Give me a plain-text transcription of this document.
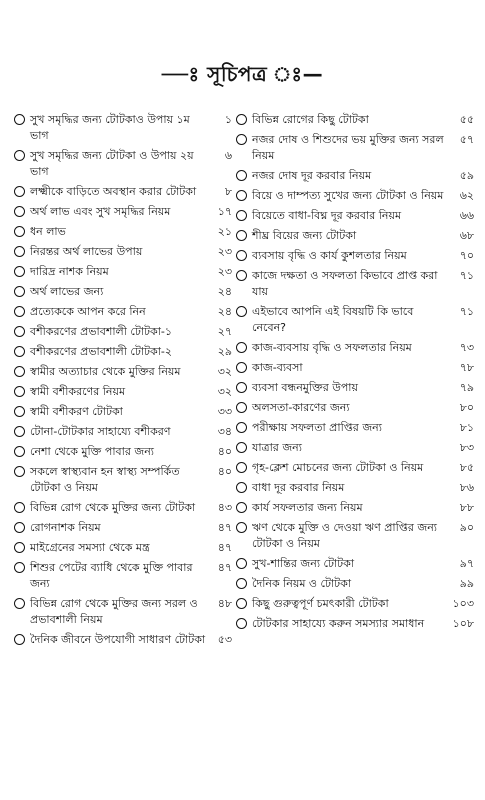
—ঃ সূচিপত্র ঃ—
সুখ সমৃদ্ধির জন্য টোটকাও উপায় ১ম ভাগ
১
সুখ সমৃদ্ধির জন্য টোটকা ও উপায় ২য় ভাগ
৬
লক্ষ্মীকে বাড়িতে অবস্থান করার টোটকা	৮
অর্থ লাভ এবং সুখ সমৃদ্ধির নিয়ম	১৭
ধন লাভ	২১
নিরন্তর অর্থ লাভের উপায়	২৩
দারিদ্র নাশক নিয়ম	২৩
অর্থ লাভের জন্য	২৪
প্রত্যেককে আপন করে নিন	২৪
বশীকরণের প্রভাবশালী টোটকা-১	২৭
বশীকরণের প্রভাবশালী টোটকা-২	২৯
স্বামীর অত্যাচার থেকে মুক্তির নিয়ম	৩২
স্বামী বশীকরণের নিয়ম	৩২
স্বামী বশীকরণ টোটকা	৩৩
টোনা-টোটকার সাহায্যে বশীকরণ	৩৪
নেশা থেকে মুক্তি পাবার জন্য	৪০
সকলে স্বাস্থ্যবান হন স্বাস্থ্য সম্পর্কিত টোটকা ও নিয়ম
৪০
বিভিন্ন রোগ থেকে মুক্তির জন্য টোটকা	৪৩
রোগনাশক নিয়ম	৪৭
মাইগ্রেনের সমস্যা থেকে মন্ত্র	৪৭
শিশুর পেটের ব্যাধি থেকে মুক্তি পাবার জন্য
৪৭
বিভিন্ন রোগ থেকে মুক্তির জন্য সরল ও প্রভাবশালী নিয়ম
৪৮
দৈনিক জীবনে উপযোগী সাধারণ টোটকা	৫৩
বিভিন্ন রোগের কিছু টোটকা	৫৫
নজর দোষ ও শিশুদের ভয় মুক্তির জন্য সরল নিয়ম
৫৭
নজর দোষ দূর করবার নিয়ম	৫৯
বিয়ে ও দাম্পত্য সুখের জন্য টোটকা ও নিয়ম	৬২
বিয়েতে বাধা-বিঘ্ন দূর করবার নিয়ম	৬৬
শীঘ্র বিয়ের জন্য টোটকা	৬৮
ব্যবসায় বৃদ্ধি ও কার্য কুশলতার নিয়ম	৭০
কাজে দক্ষতা ও সফলতা কিভাবে প্রাপ্ত করা যায়
৭১
এইভাবে আপনি এই বিষয়টি কি ভাবে নেবেন?
৭১
কাজ-ব্যবসায় বৃদ্ধি ও সফলতার নিয়ম	৭৩
কাজ-ব্যবসা	৭৮
ব্যবসা বন্ধনমুক্তির উপায়	৭৯
অলসতা-কারণের জন্য	৮০
পরীক্ষায় সফলতা প্রাপ্তির জন্য	৮১
যাত্রার জন্য	৮৩
গৃহ-ক্লেশ মোচনের জন্য টোটকা ও নিয়ম	৮৫
বাধা দূর করবার নিয়ম	৮৬
কার্য সফলতার জন্য নিয়ম	৮৮
ঋণ থেকে মুক্তি ও দেওয়া ঋণ প্রাপ্তির জন্য টোটকা ও নিয়ম
৯০
সুখ-শান্তির জন্য টোটকা	৯৭
দৈনিক নিয়ম ও টোটকা	৯৯
কিছু গুরুত্বপূর্ণ চমৎকারী টোটকা	১০৩
টোটকার সাহায্যে করুন সমস্যার সমাধান	১০৮
